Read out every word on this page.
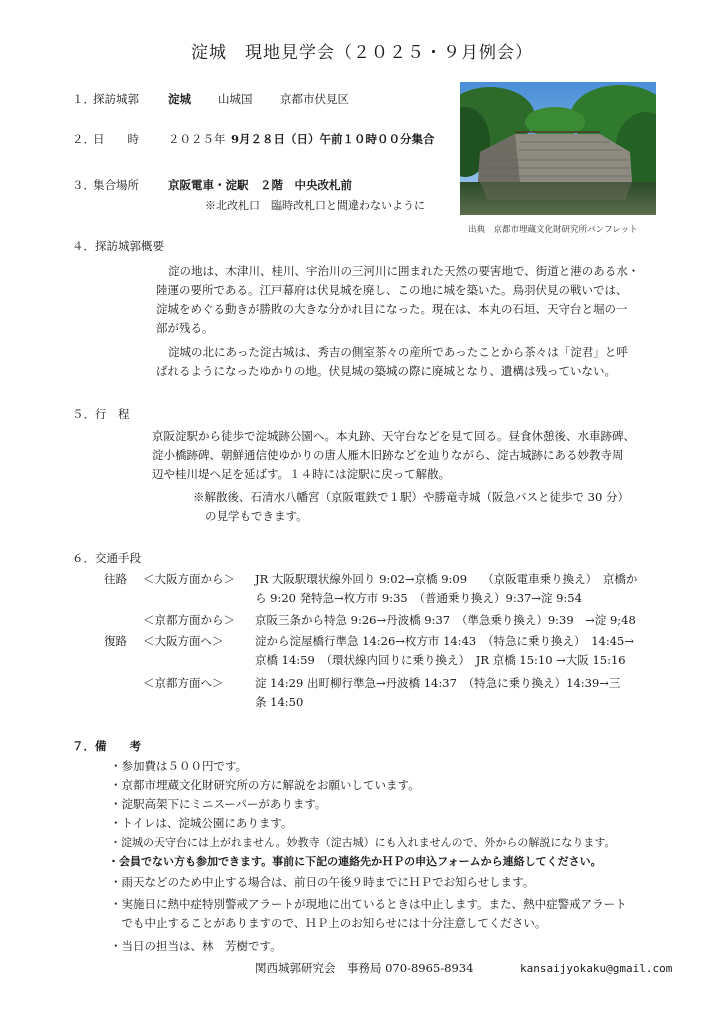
淀城　現地見学会（２０２５・９月例会）
１．
探訪城郭	淀城 山城国 京都市伏見区
２．
日　　時	２０２５年 9月２８日（日）午前１０時００分集合
３．
集合場所	京阪電車・淀駅　２階　中央改札前
※北改札口　臨時改札口と間違わないように
出典　京都市埋蔵文化財研究所パンフレット
４．探訪城郭概要
淀の地は、木津川、桂川、宇治川の三河川に囲まれた天然の要害地で、街道と港のある水・
陸運の要所である。江戸幕府は伏見城を廃し、この地に城を築いた。鳥羽伏見の戦いでは、
淀城をめぐる動きが勝敗の大きな分かれ目になった。現在は、本丸の石垣、天守台と堀の一
部が残る。
淀城の北にあった淀古城は、秀吉の側室茶々の産所であったことから茶々は「淀君」と呼
ばれるようになったゆかりの地。伏見城の築城の際に廃城となり、遺構は残っていない。
５．行　程
京阪淀駅から徒歩で淀城跡公園へ。本丸跡、天守台などを見て回る。昼食休憩後、水車跡碑、
淀小橋跡碑、朝鮮通信使ゆかりの唐人雁木旧跡などを辿りながら、淀古城跡にある妙教寺周
辺や桂川堤へ足を延ばす。１４時には淀駅に戻って解散。
※解散後、石清水八幡宮（京阪電鉄で１駅）や勝竜寺城（阪急バスと徒歩で 30 分）
の見学もできます。
６．交通手段
往路 ＜大阪方面から＞ JR 大阪駅環状線外回り 9:02→京橋 9:09　 （京阪電車乗り換え）　京橋か
ら 9:20 発特急→枚方市 9:35　（普通乗り換え）9:37→淀 9:54
＜京都方面から＞ 京阪三条から特急 9:26→丹波橋 9:37　（準急乗り換え）9:39　→淀 9;48
復路 ＜大阪方面へ＞	淀から淀屋橋行準急 14:26→枚方市 14:43　（特急に乗り換え）　14:45→
京橋 14:59　（環状線内回りに乗り換え）　JR 京橋 15:10 →大阪 15:16
＜京都方面へ＞	淀 14:29 出町柳行準急→丹波橋 14:37　（特急に乗り換え）14:39→三
条 14:50
７．備　　考
・参加費は５００円です。
・京都市埋蔵文化財研究所の方に解説をお願いしています。
・淀駅高架下にミニスーパーがあります。
・トイレは、淀城公園にあります。
・淀城の天守台には上がれません。妙教寺（淀古城）にも入れませんので、外からの解説になります。
・会員でない方も参加できます。事前に下記の連絡先かＨＰの申込フォームから連絡してください。
・雨天などのため中止する場合は、前日の午後９時までにＨＰでお知らせします。
・実施日に熱中症特別警戒アラートが現地に出ているときは中止します。また、熱中症警戒アラート
　でも中止することがありますので、ＨＰ上のお知らせには十分注意してください。
・当日の担当は、林　芳樹です。
関西城郭研究会　事務局 070-8965-8934	kansaijyokaku@gmail.com
